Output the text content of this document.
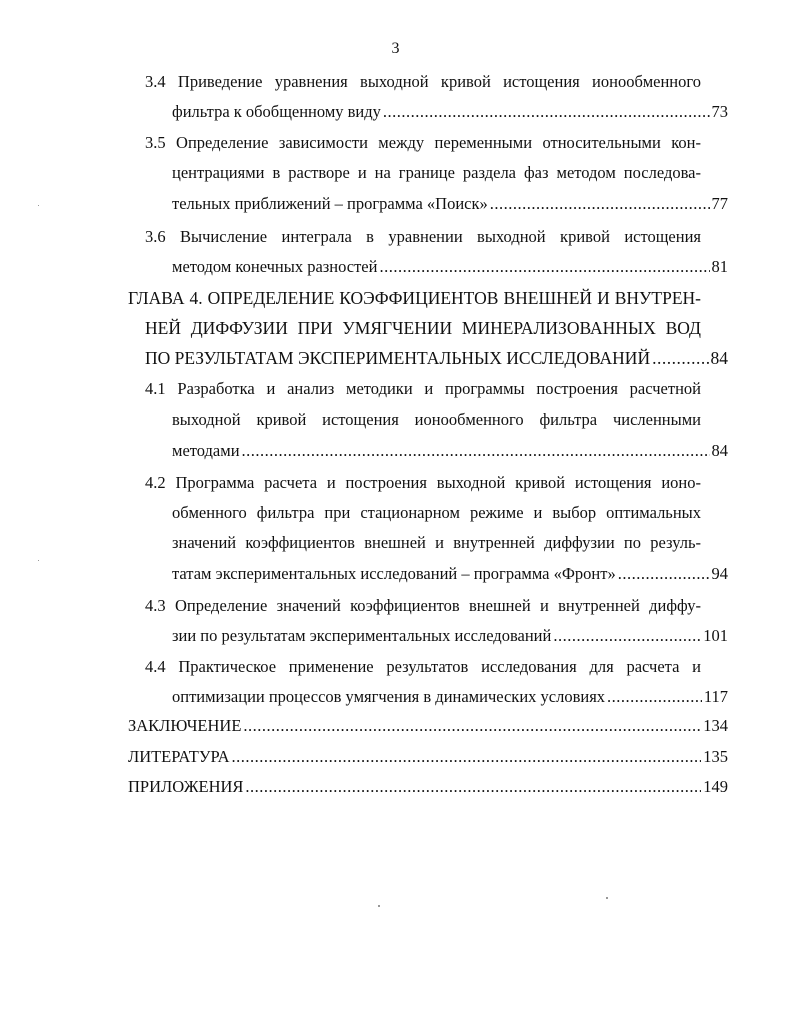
3
3.4 Приведение уравнения выходной кривой истощения ионообменного
фильтра к обобщенному виду .....	73
3.5 Определение зависимости между переменными относительными кон-
центрациями в растворе и на границе раздела фаз методом последова-
тельных приближений – программа «Поиск» .....	77
3.6 Вычисление интеграла в уравнении выходной кривой истощения
методом конечных разностей .....	81
ГЛАВА 4. ОПРЕДЕЛЕНИЕ КОЭФФИЦИЕНТОВ ВНЕШНЕЙ И ВНУТРЕН-
НЕЙ ДИФФУЗИИ ПРИ УМЯГЧЕНИИ МИНЕРАЛИЗОВАННЫХ ВОД
ПО РЕЗУЛЬТАТАМ ЭКСПЕРИМЕНТАЛЬНЫХ ИССЛЕДОВАНИЙ .....	84
4.1 Разработка и анализ методики и программы построения расчетной
выходной кривой истощения ионообменного фильтра численными
методами .....	84
4.2 Программа расчета и построения выходной кривой истощения ионо-
обменного фильтра при стационарном режиме и выбор оптимальных
значений коэффициентов внешней и внутренней диффузии по резуль-
татам экспериментальных исследований – программа «Фронт» .....	94
4.3 Определение значений коэффициентов внешней и внутренней диффу-
зии по результатам экспериментальных исследований .....	101
4.4 Практическое применение результатов исследования для расчета и
оптимизации процессов умягчения в динамических условиях .....	117
ЗАКЛЮЧЕНИЕ .....	134
ЛИТЕРАТУРА .....	135
ПРИЛОЖЕНИЯ .....	149
